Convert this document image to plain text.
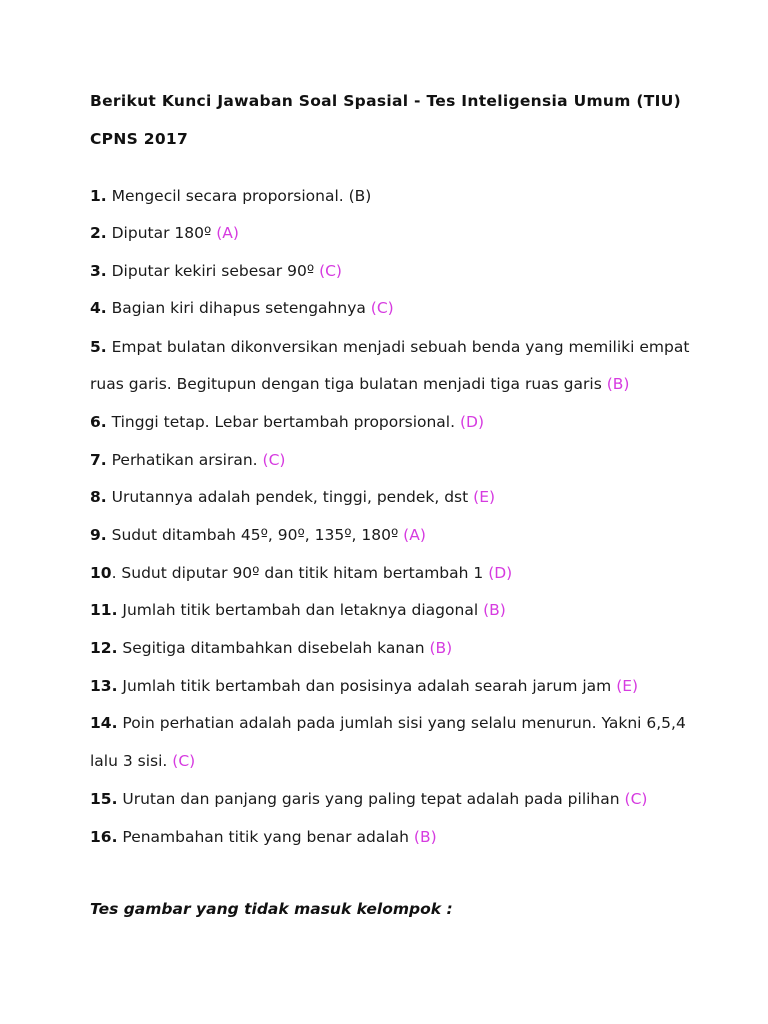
Berikut Kunci Jawaban Soal Spasial - Tes Inteligensia Umum (TIU)
CPNS 2017
1. Mengecil secara proporsional. (B)
2. Diputar 180º (A)
3. Diputar kekiri sebesar 90º (C)
4. Bagian kiri dihapus setengahnya (C)
5. Empat bulatan dikonversikan menjadi sebuah benda yang memiliki empat
ruas garis. Begitupun dengan tiga bulatan menjadi tiga ruas garis (B)
6. Tinggi tetap. Lebar bertambah proporsional. (D)
7. Perhatikan arsiran. (C)
8. Urutannya adalah pendek, tinggi, pendek, dst (E)
9. Sudut ditambah 45º, 90º, 135º, 180º (A)
10. Sudut diputar 90º dan titik hitam bertambah 1 (D)
11. Jumlah titik bertambah dan letaknya diagonal (B)
12. Segitiga ditambahkan disebelah kanan (B)
13. Jumlah titik bertambah dan posisinya adalah searah jarum jam (E)
14. Poin perhatian adalah pada jumlah sisi yang selalu menurun. Yakni 6,5,4
lalu 3 sisi. (C)
15. Urutan dan panjang garis yang paling tepat adalah pada pilihan (C)
16. Penambahan titik yang benar adalah (B)
Tes gambar yang tidak masuk kelompok :
